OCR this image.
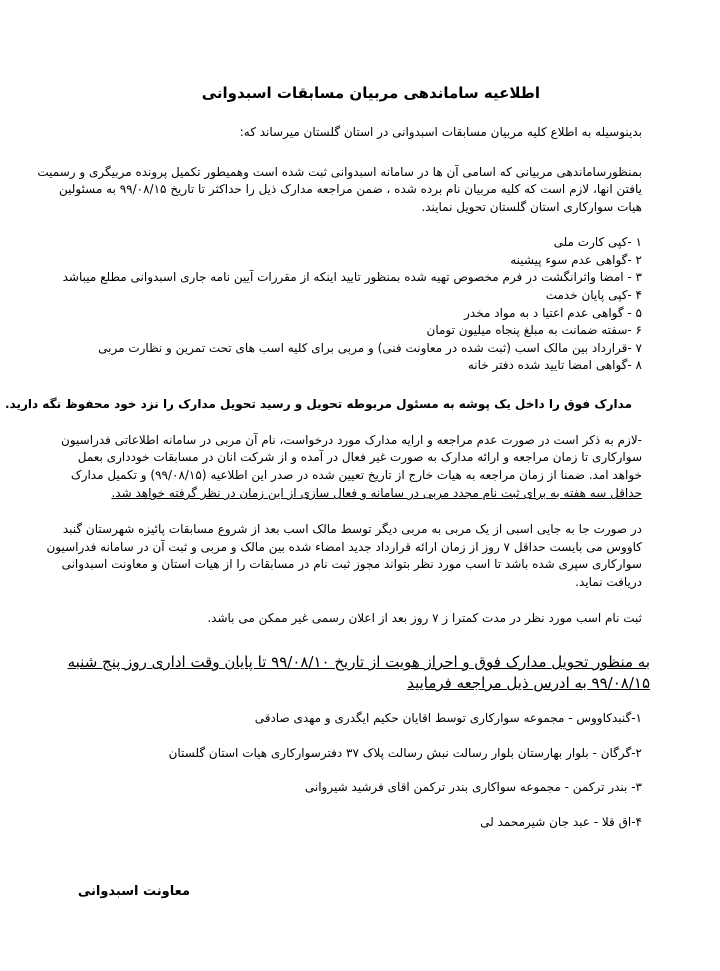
اطلاعیه ساماندهی مربیان مسابقات اسبدوانی
بدینوسیله به اطلاع کلیه مربیان مسابقات اسبدوانی در استان گلستان میرساند که:
بمنظورساماندهی مربیانی که اسامی آن ها در سامانه اسبدوانی ثبت شده است وهمیطور تکمیل پرونده مربیگری و رسمیت
یافتن انها، لازم است که کلیه مربیان نام برده شده ، ضمن مراجعه مدارک ذیل را حداکثر تا تاریخ ۹۹/۰۸/۱۵ به مسئولین
هیات سوارکاری استان گلستان تحویل نمایند.
۱ -کپی کارت ملی
۲ -گواهی عدم سوء پیشینه
۳ - امضا واثرانگشت در فرم مخصوص تهیه شده بمنظور تایید اینکه از مقررات آیین نامه جاری اسبدوانی مطلع میباشد
۴ -کپی پایان خدمت
۵ - گواهی عدم اعتیا د به مواد مخدر
۶ -سفته ضمانت به مبلغ پنجاه میلیون تومان
۷ -قرارداد بین مالک اسب (ثبت شده در معاونت فنی) و مربی برای کلیه اسب های تحت تمرین و نظارت مربی
۸ -گواهی امضا تایید شده دفتر خانه
مدارک فوق را داخل یک پوشه به مسئول مربوطه تحویل و رسید تحویل مدارک را نزد خود محفوظ نگه دارید.
-لازم به ذکر است در صورت عدم مراجعه و ارایه مدارک مورد درخواست، نام آن مربی در سامانه اطلاعاتی فدراسیون
سوارکاری تا زمان مراجعه و ارائه مدارک به صورت غیر فعال در آمده و از شرکت انان در مسابقات خودداری بعمل
خواهد امد. ضمنا از زمان مراجعه به هیات خارج از تاریخ تعیین شده در صدر این اطلاعیه (۹۹/۰۸/۱۵) و تکمیل مدارک
حداقل سه هفته به برای ثبت نام مجدد مربی در سامانه و فعال سازی از این زمان در نظر گرفته خواهد شد.
در صورت جا به جایی اسبی از یک مربی به مربی دیگر توسط مالک اسب بعد از شروع مسابقات پائیزه شهرستان گنبد
کاووس می بایست حداقل ۷ روز از زمان ارائه قرارداد جدید امضاء شده بین مالک و مربی و ثبت آن در سامانه فدراسیون
سوارکاری سپری شده باشد تا اسب مورد نظر بتواند مجوز ثبت نام در مسابقات را از هیات استان و معاونت اسبدوانی
دریافت نماید.
ثبت نام اسب مورد نظر در مدت کمترا ز ۷ روز بعد از اعلان رسمی غیر ممکن می باشد.
به منظور تحویل مدارک فوق و احراز هویت از تاریخ ۹۹/۰۸/۱۰ تا پایان وقت اداری روز پنج شنبه
۹۹/۰۸/۱۵ به ادرس ذیل مراجعه فرمایید
۱-گنبدکاووس - مجموعه سوارکاری توسط اقایان حکیم ایگدری و مهدی صادقی
۲-گرگان - بلوار بهارستان بلوار رسالت نبش رسالت پلاک ۳۷ دفترسوارکاری هیات استان گلستان
۳- بندر ترکمن - مجموعه سواکاری بندر ترکمن اقای فرشید شیروانی
۴-اق قلا - عبد جان شیرمحمد لی
معاونت اسبدوانی
